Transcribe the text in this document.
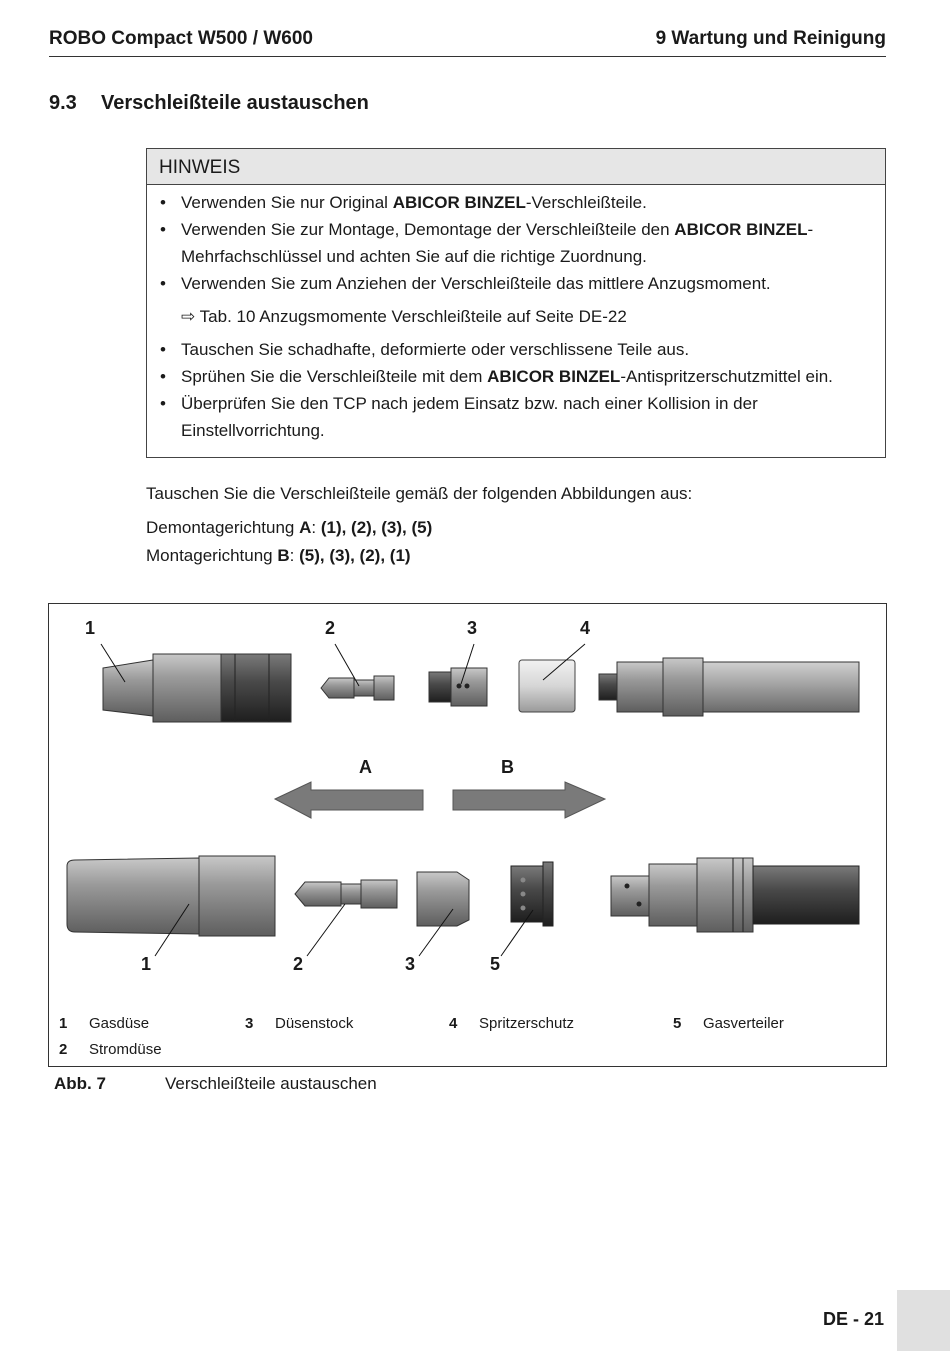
ROBO Compact W500 / W600	9 Wartung und Reinigung
9.3 Verschleißteile austauschen
HINWEIS
• Verwenden Sie nur Original ABICOR BINZEL-Verschleißteile.
• Verwenden Sie zur Montage, Demontage der Verschleißteile den ABICOR BINZEL-Mehrfachschlüssel und achten Sie auf die richtige Zuordnung.
• Verwenden Sie zum Anziehen der Verschleißteile das mittlere Anzugsmoment.
⇨ Tab. 10 Anzugsmomente Verschleißteile auf Seite DE-22
• Tauschen Sie schadhafte, deformierte oder verschlissene Teile aus.
• Sprühen Sie die Verschleißteile mit dem ABICOR BINZEL-Antispritzerschutzmittel ein.
• Überprüfen Sie den TCP nach jedem Einsatz bzw. nach einer Kollision in der Einstellvorrichtung.
Tauschen Sie die Verschleißteile gemäß der folgenden Abbildungen aus:
Demontagerichtung A: (1), (2), (3), (5)
Montagerichtung B: (5), (3), (2), (1)
1	2	3	4
A	B
1	2	3	5
1 Gasdüse	3 Düsenstock	4 Spritzerschutz	5 Gasverteiler
2 Stromdüse
Abb. 7	Verschleißteile austauschen
DE - 21
